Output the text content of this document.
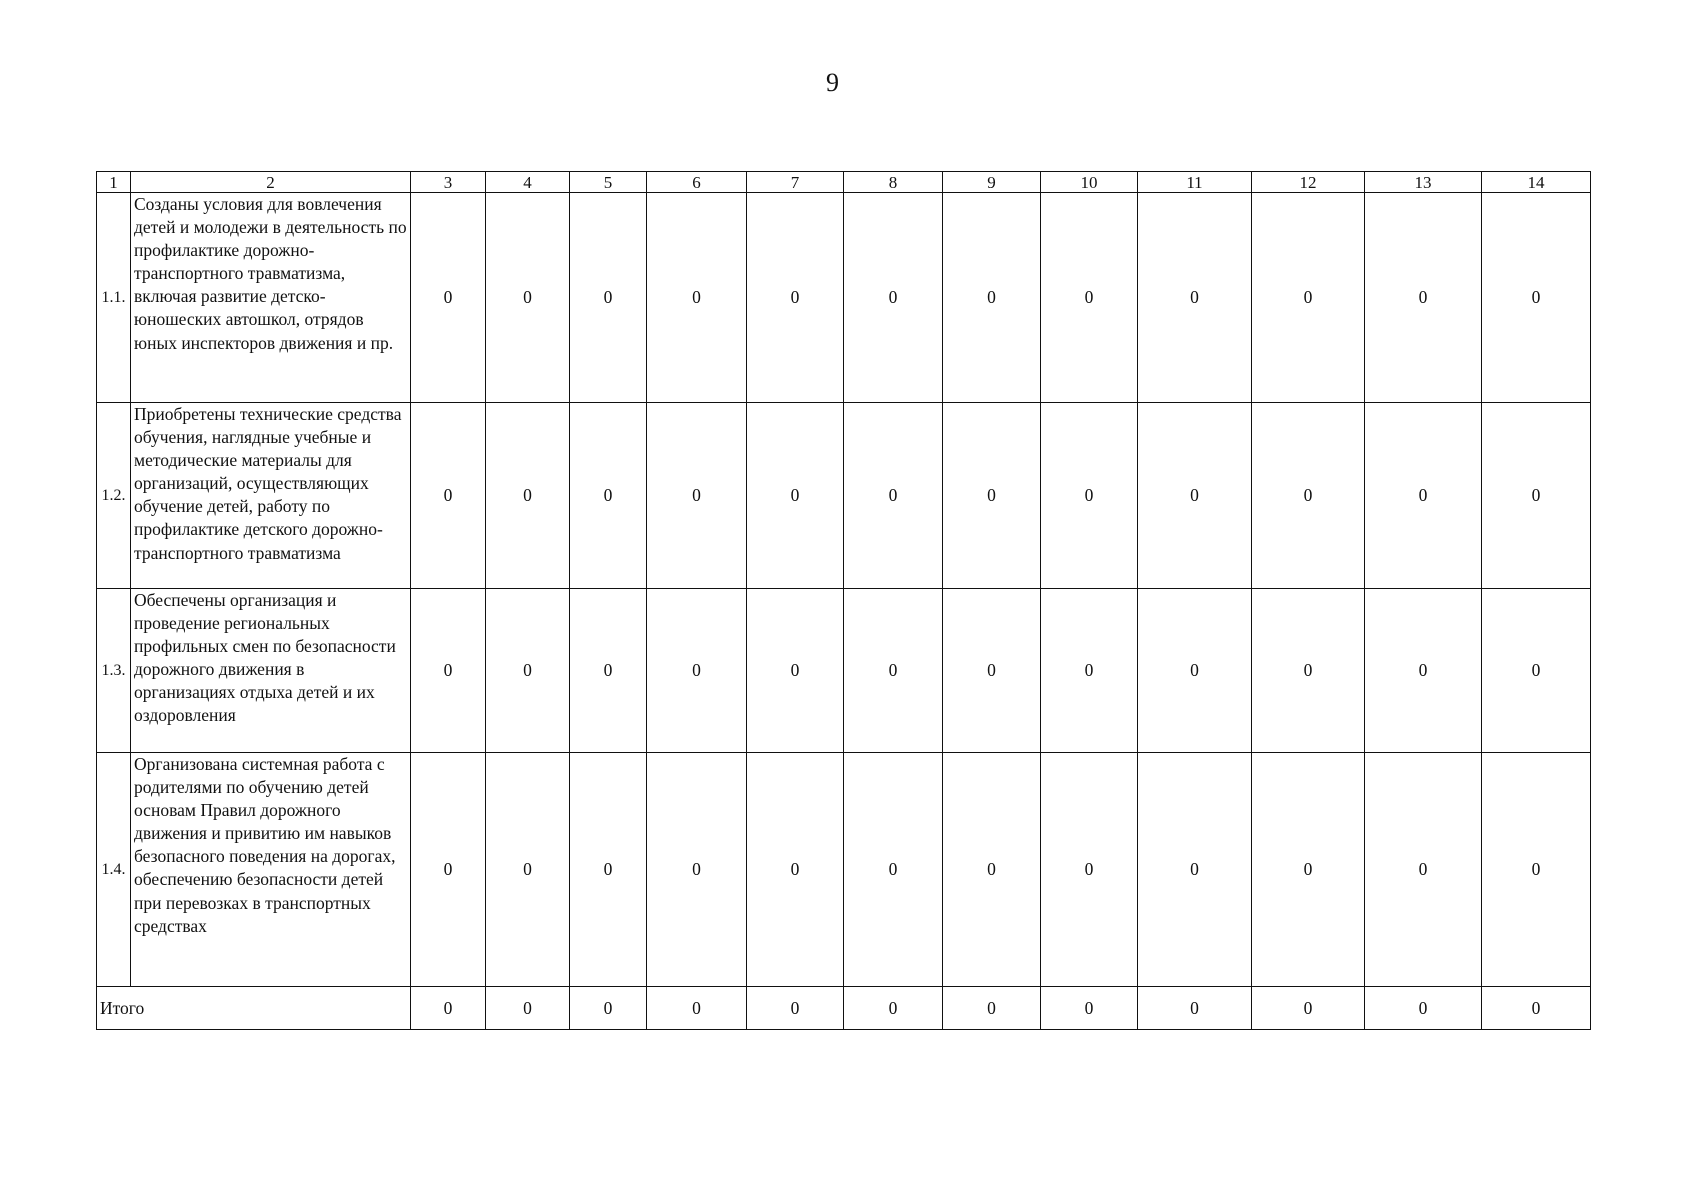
9
1	2	3	4	5	6	7	8	9	10	11	12	13	14
1.1.	Созданы условия для вовлечения детей и молодежи в деятельность по профилактике дорожно-транспортного травматизма, включая развитие детско-юношеских автошкол, отрядов юных инспекторов движения и пр.	0	0	0	0	0	0	0	0	0	0	0	0
1.2.	Приобретены технические средства обучения, наглядные учебные и методические материалы для организаций, осуществляющих обучение детей, работу по профилактике детского дорожно-транспортного травматизма	0	0	0	0	0	0	0	0	0	0	0	0
1.3.	Обеспечены организация и проведение региональных профильных смен по безопасности дорожного движения в организациях отдыха детей и их оздоровления	0	0	0	0	0	0	0	0	0	0	0	0
1.4.	Организована системная работа с родителями по обучению детей основам Правил дорожного движения и привитию им навыков безопасного поведения на дорогах, обеспечению безопасности детей при перевозках в транспортных средствах	0	0	0	0	0	0	0	0	0	0	0	0
Итого		0	0	0	0	0	0	0	0	0	0	0	0
